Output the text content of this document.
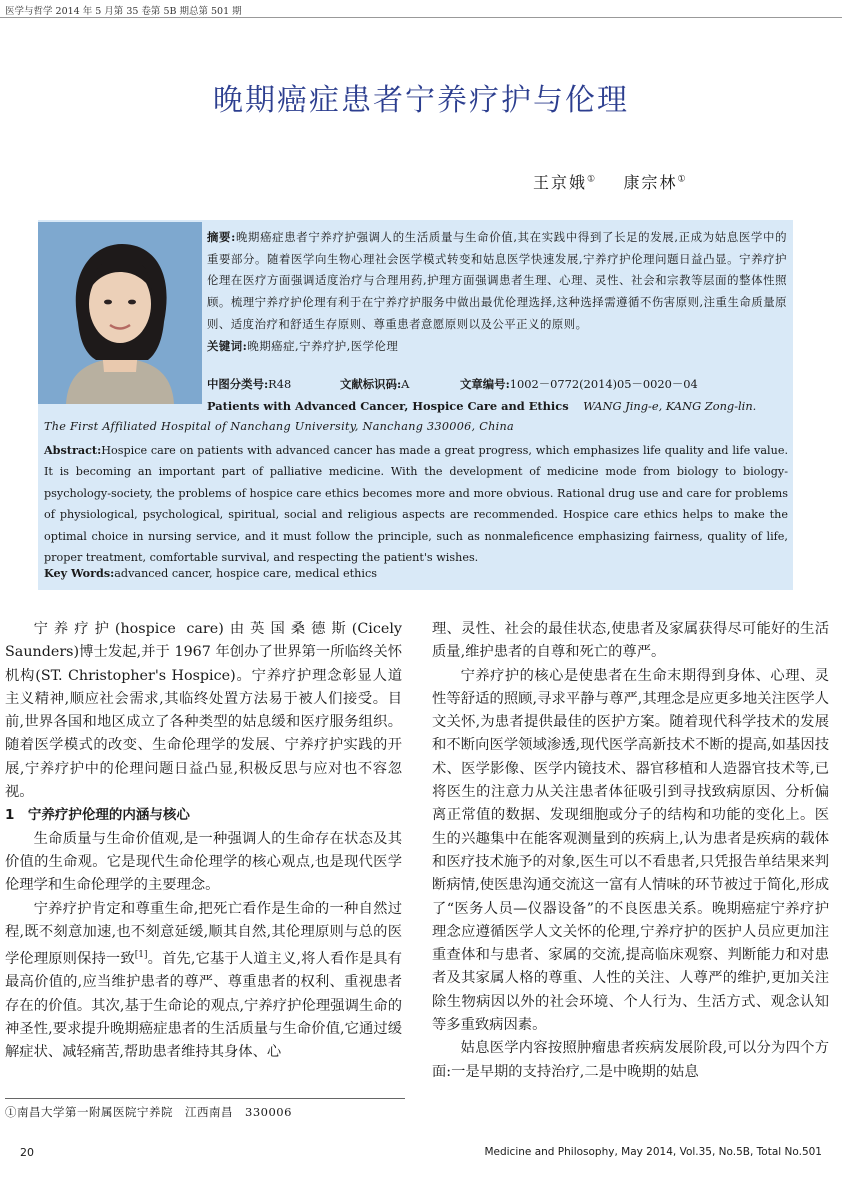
医学与哲学 2014 年 5 月第 35 卷第 5B 期总第 501 期
晚期癌症患者宁养疗护与伦理
王京娥① 康宗林①
摘要:晚期癌症患者宁养疗护强调人的生活质量与生命价值,其在实践中得到了长足的发展,正成为姑息医学中的重要部分。随着医学向生物心理社会医学模式转变和姑息医学快速发展,宁养疗护伦理问题日益凸显。宁养疗护伦理在医疗方面强调适度治疗与合理用药,护理方面强调患者生理、心理、灵性、社会和宗教等层面的整体性照顾。梳理宁养疗护伦理有利于在宁养疗护服务中做出最优伦理选择,这种选择需遵循不伤害原则,注重生命质量原则、适度治疗和舒适生存原则、尊重患者意愿原则以及公平正义的原则。
关键词:晚期癌症,宁养疗护,医学伦理
中图分类号:R48	文献标识码:A	文章编号:1002－0772(2014)05－0020－04
Patients with Advanced Cancer, Hospice Care and Ethics WANG Jing-e, KANG Zong-lin.
The First Affiliated Hospital of Nanchang University, Nanchang 330006, China
Abstract:Hospice care on patients with advanced cancer has made a great progress, which emphasizes life quality and life value. It is becoming an important part of palliative medicine. With the development of medicine mode from biology to biology-psychology-society, the problems of hospice care ethics becomes more and more obvious. Rational drug use and care for problems of physiological, psychological, spiritual, social and religious aspects are recommended. Hospice care ethics helps to make the optimal choice in nursing service, and it must follow the principle, such as nonmaleficence emphasizing fairness, quality of life, proper treatment, comfortable survival, and respecting the patient's wishes.
Key Words:advanced cancer, hospice care, medical ethics

宁养疗护(hospice care)由英国桑德斯(Cicely Saunders)博士发起,并于 1967 年创办了世界第一所临终关怀机构(ST. Christopher's Hospice)。宁养疗护理念彰显人道主义精神,顺应社会需求,其临终处置方法易于被人们接受。目前,世界各国和地区成立了各种类型的姑息缓和医疗服务组织。随着医学模式的改变、生命伦理学的发展、宁养疗护实践的开展,宁养疗护中的伦理问题日益凸显,积极反思与应对也不容忽视。

1　宁养疗护伦理的内涵与核心

生命质量与生命价值观,是一种强调人的生命存在状态及其价值的生命观。它是现代生命伦理学的核心观点,也是现代医学伦理学和生命伦理学的主要理念。

宁养疗护肯定和尊重生命,把死亡看作是生命的一种自然过程,既不刻意加速,也不刻意延缓,顺其自然,其伦理原则与总的医学伦理原则保持一致[1]。首先,它基于人道主义,将人看作是具有最高价值的,应当维护患者的尊严、尊重患者的权利、重视患者存在的价值。其次,基于生命论的观点,宁养疗护伦理强调生命的神圣性,要求提升晚期癌症患者的生活质量与生命价值,它通过缓解症状、减轻痛苦,帮助患者维持其身体、心

理、灵性、社会的最佳状态,使患者及家属获得尽可能好的生活质量,维护患者的自尊和死亡的尊严。

宁养疗护的核心是使患者在生命末期得到身体、心理、灵性等舒适的照顾,寻求平静与尊严,其理念是应更多地关注医学人文关怀,为患者提供最佳的医护方案。随着现代科学技术的发展和不断向医学领域渗透,现代医学高新技术不断的提高,如基因技术、医学影像、医学内镜技术、器官移植和人造器官技术等,已将医生的注意力从关注患者体征吸引到寻找致病原因、分析偏离正常值的数据、发现细胞或分子的结构和功能的变化上。医生的兴趣集中在能客观测量到的疾病上,认为患者是疾病的载体和医疗技术施予的对象,医生可以不看患者,只凭报告单结果来判断病情,使医患沟通交流这一富有人情味的环节被过于简化,形成了“医务人员—仪器设备”的不良医患关系。晚期癌症宁养疗护理念应遵循医学人文关怀的伦理,宁养疗护的医护人员应更加注重查体和与患者、家属的交流,提高临床观察、判断能力和对患者及其家属人格的尊重、人性的关注、人尊严的维护,更加关注除生物病因以外的社会环境、个人行为、生活方式、观念认知等多重致病因素。

姑息医学内容按照肿瘤患者疾病发展阶段,可以分为四个方面:一是早期的支持治疗,二是中晚期的姑息

①南昌大学第一附属医院宁养院　江西南昌　330006
20	Medicine and Philosophy, May 2014, Vol.35, No.5B, Total No.501
